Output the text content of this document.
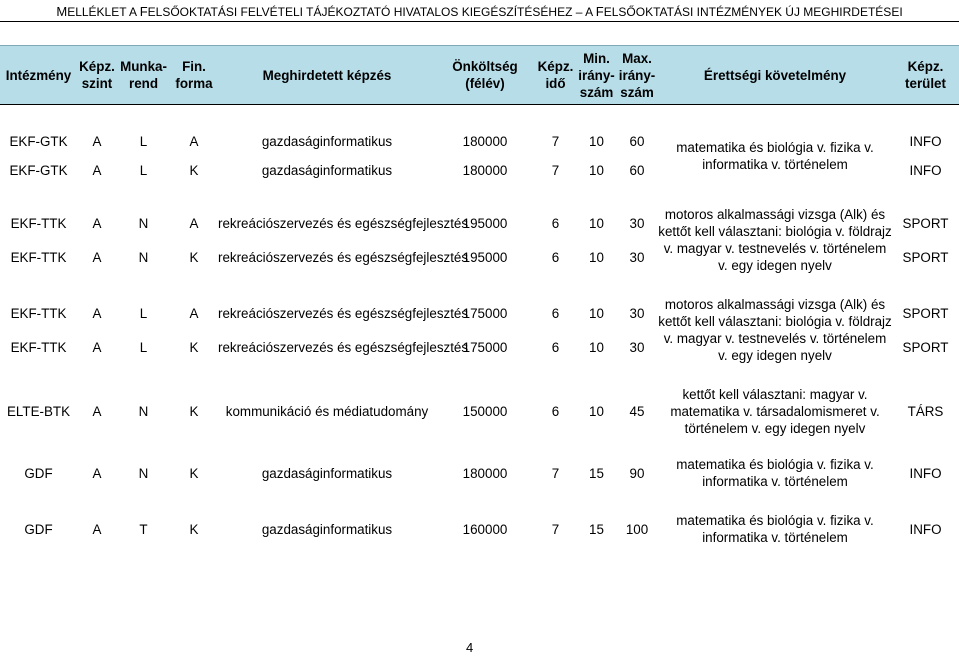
MELLÉKLET A FELSŐOKTATÁSI FELVÉTELI TÁJÉKOZTATÓ HIVATALOS KIEGÉSZÍTÉSÉHEZ – A FELSŐOKTATÁSI INTÉZMÉNYEK ÚJ MEGHIRDETÉSEI
Intézmény	Képz. szint	Munka-rend	Fin. forma	Meghirdetett képzés	Önköltség (félév)	Képz. idő	Min. irány-szám	Max. irány-szám	Érettségi követelmény	Képz. terület

EKF-GTK	A	L	A	gazdaságinformatikus	180000	7	10	60	matematika és biológia v. fizika v. informatika v. történelem	INFO
EKF-GTK	A	L	K	gazdaságinformatikus	180000	7	10	60		INFO

EKF-TTK	A	N	A	rekreációszervezés és egészségfejlesztés	195000	6	10	30	motoros alkalmassági vizsga (Alk) és kettőt kell választani: biológia v. földrajz v. magyar v. testnevelés v. történelem v. egy idegen nyelv	SPORT
EKF-TTK	A	N	K	rekreációszervezés és egészségfejlesztés	195000	6	10	30		SPORT

EKF-TTK	A	L	A	rekreációszervezés és egészségfejlesztés	175000	6	10	30	motoros alkalmassági vizsga (Alk) és kettőt kell választani: biológia v. földrajz v. magyar v. testnevelés v. történelem v. egy idegen nyelv	SPORT
EKF-TTK	A	L	K	rekreációszervezés és egészségfejlesztés	175000	6	10	30		SPORT

ELTE-BTK	A	N	K	kommunikáció és médiatudomány	150000	6	10	45	kettőt kell választani: magyar v. matematika v. társadalomismeret v. történelem v. egy idegen nyelv	TÁRS

GDF	A	N	K	gazdaságinformatikus	180000	7	15	90	matematika és biológia v. fizika v. informatika v. történelem	INFO

GDF	A	T	K	gazdaságinformatikus	160000	7	15	100	matematika és biológia v. fizika v. informatika v. történelem	INFO

4
